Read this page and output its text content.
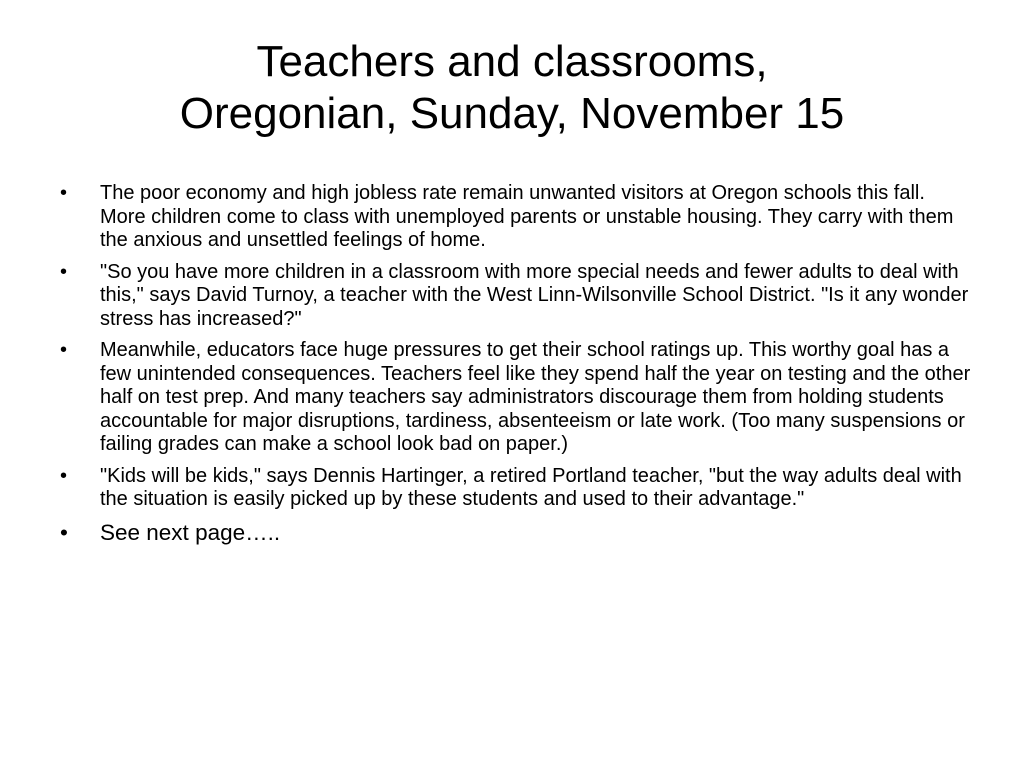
Teachers and classrooms,
Oregonian, Sunday, November 15
• The poor economy and high jobless rate remain unwanted visitors at Oregon schools this fall. More children come to class with unemployed parents or unstable housing. They carry with them the anxious and unsettled feelings of home.
• "So you have more children in a classroom with more special needs and fewer adults to deal with this," says David Turnoy, a teacher with the West Linn-Wilsonville School District. "Is it any wonder stress has increased?"
• Meanwhile, educators face huge pressures to get their school ratings up. This worthy goal has a few unintended consequences. Teachers feel like they spend half the year on testing and the other half on test prep. And many teachers say administrators discourage them from holding students accountable for major disruptions, tardiness, absenteeism or late work. (Too many suspensions or failing grades can make a school look bad on paper.)
• "Kids will be kids," says Dennis Hartinger, a retired Portland teacher, "but the way adults deal with the situation is easily picked up by these students and used to their advantage."
• See next page…..
